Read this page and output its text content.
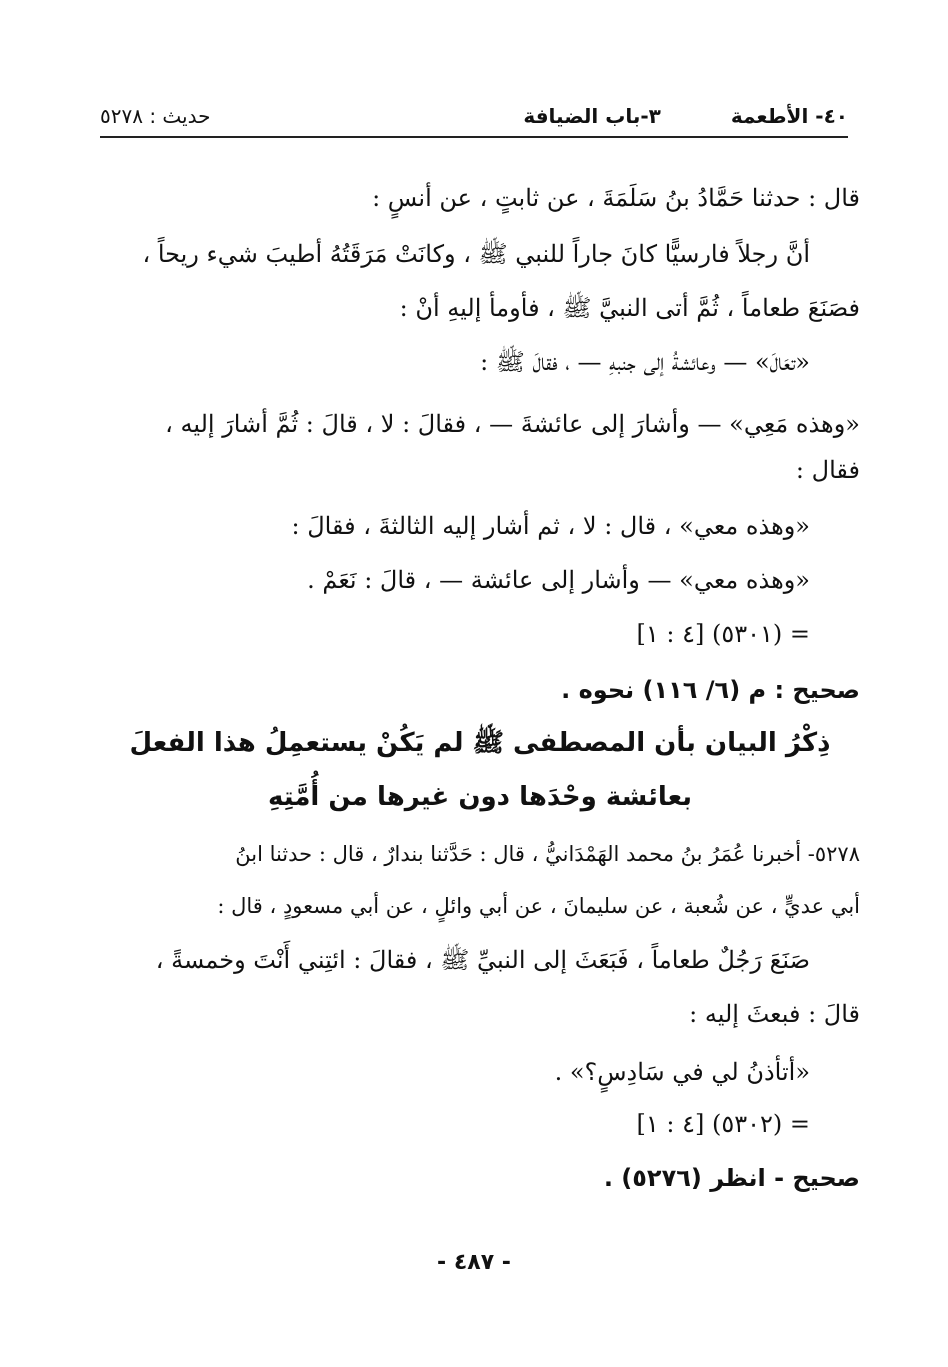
٤٠- الأطعمة
٣-باب الضيافة
حديث : ٥٢٧٨
قال : حدثنا حَمَّادُ بنُ سَلَمَةَ ، عن ثابتٍ ، عن أنسٍ :
أنَّ رجلاً فارسيًّا كانَ جاراً للنبي ﷺ ، وكانَتْ مَرَقَتُهُ أطيبَ شيء ريحاً ،
فصَنَعَ طعاماً ، ثُمَّ أتى النبيَّ ﷺ ، فأومأ إليهِ أنْ :
«تعَالَ» — وعائشةُ إلى جنبهِ — ، فقالَ ﷺ :
«وهذه مَعِي» — وأشارَ إلى عائشةَ — ، فقالَ : لا ، قالَ : ثُمَّ أشارَ إليه ،
فقال :
«وهذه معي» ، قال : لا ، ثم أشار إليه الثالثةَ ، فقالَ :
«وهذه معي» — وأشار إلى عائشة — ، قالَ : نَعَمْ .
= (٥٣٠١) [٤ : ١]
صحيح : م (٦/ ١١٦) نحوه .
ذِكْرُ البيان بأن المصطفى ﷺ لم يَكُنْ يستعمِلُ هذا الفعلَ
بعائشة وحْدَها دون غيرها من أُمَّتِهِ
٥٢٧٨- أخبرنا عُمَرُ بنُ محمد الهَمْدَانيُّ ، قال : حَدَّثنا بندارٌ ، قال : حدثنا ابنُ
أبي عديٍّ ، عن شُعبة ، عن سليمانَ ، عن أبي وائلٍ ، عن أبي مسعودٍ ، قال :
صَنَعَ رَجُلٌ طعاماً ، فَبَعَثَ إلى النبيِّ ﷺ ، فقالَ : ائتِني أَنْتَ وخمسةً ،
قالَ : فبعثَ إليه :
«أتأذنُ لي في سَادِسٍ؟» .
= (٥٣٠٢) [٤ : ١]
صحيح - انظر (٥٢٧٦) .
- ٤٨٧ -
